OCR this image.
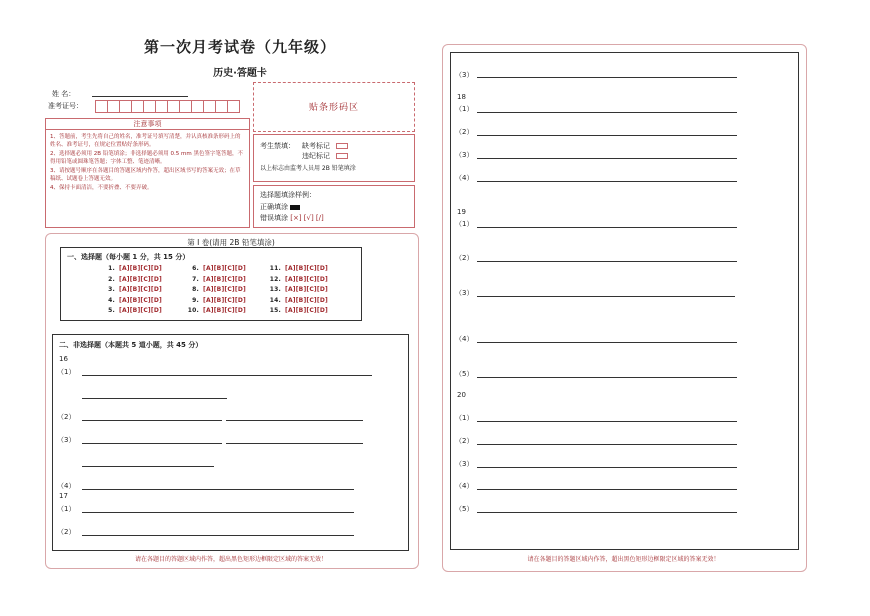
第一次月考试卷（九年级）
历史·答题卡
姓 名：
准考证号：
												贴条形码区
注意事项
1、答题前，考生先将自己的姓名，准考证号填写清楚，并认真核准条形码上的姓名、准考证号，在规定位置贴好条形码。
2、选择题必须用 2B 铅笔填涂；非选择题必须用 0.5 mm 黑色签字笔答题，不得用铅笔或圆珠笔答题；字体工整、笔迹清晰。
3、请按题号顺序在各题目的答题区域内作答，超出区域书写的答案无效；在草稿纸、试题卷上答题无效。
4、保持卡面清洁，不要折叠、不要弄破。
考生禁填： 缺考标记
违纪标记
以上标志由监考人员用 2B 铅笔填涂
选择题填涂样例：
正确填涂
错误填涂 [×] [√] [/]
第 I 卷(请用 2B 铅笔填涂)
一、选择题（每小题 1 分，共 15 分）
1. [A][B][C][D]
2. [A][B][C][D]
3. [A][B][C][D]
4. [A][B][C][D]
5. [A][B][C][D]
6. [A][B][C][D]
7. [A][B][C][D]
8. [A][B][C][D]
9. [A][B][C][D]
10. [A][B][C][D]
11. [A][B][C][D]
12. [A][B][C][D]
13. [A][B][C][D]
14. [A][B][C][D]
15. [A][B][C][D]
二、非选择题（本题共 5 道小题，共 45 分）
16
（1）
（2）
（3）
（4）
17
（1）
（2）
请在各题目的答题区域内作答，超出黑色矩形边框限定区域的答案无效！
（3）
18
（1）
（2）
（3）
（4）
19
（1）
（2）
（3）
（4）
（5）
20
（1）
（2）
（3）
（4）
（5）
请在各题目的答题区域内作答，超出黑色矩形边框限定区域的答案无效！
